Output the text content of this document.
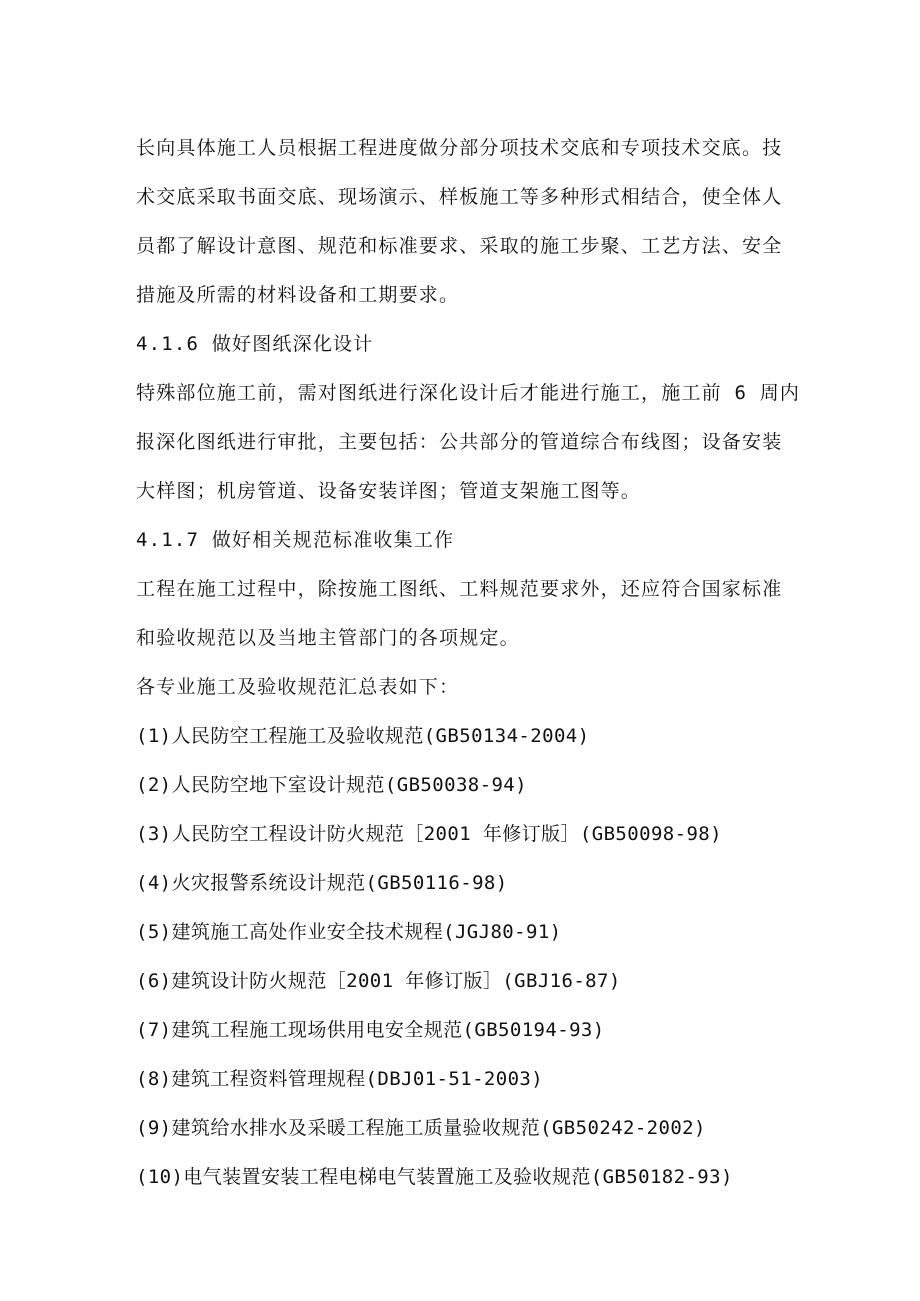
长向具体施工人员根据工程进度做分部分项技术交底和专项技术交底。技

术交底采取书面交底、现场演示、样板施工等多种形式相结合，使全体人

员都了解设计意图、规范和标准要求、采取的施工步聚、工艺方法、安全

措施及所需的材料设备和工期要求。

4.1.6 做好图纸深化设计

特殊部位施工前，需对图纸进行深化设计后才能进行施工，施工前 6 周内

报深化图纸进行审批，主要包括：公共部分的管道综合布线图；设备安装

大样图；机房管道、设备安装详图；管道支架施工图等。

4.1.7 做好相关规范标准收集工作

工程在施工过程中，除按施工图纸、工料规范要求外，还应符合国家标准

和验收规范以及当地主管部门的各项规定。

各专业施工及验收规范汇总表如下：

(1)人民防空工程施工及验收规范(GB50134-2004)

(2)人民防空地下室设计规范(GB50038-94)

(3)人民防空工程设计防火规范［2001 年修订版］(GB50098-98)

(4)火灾报警系统设计规范(GB50116-98)

(5)建筑施工高处作业安全技术规程(JGJ80-91)

(6)建筑设计防火规范［2001 年修订版］(GBJ16-87)

(7)建筑工程施工现场供用电安全规范(GB50194-93)

(8)建筑工程资料管理规程(DBJ01-51-2003)

(9)建筑给水排水及采暖工程施工质量验收规范(GB50242-2002)

(10)电气装置安装工程电梯电气装置施工及验收规范(GB50182-93)
